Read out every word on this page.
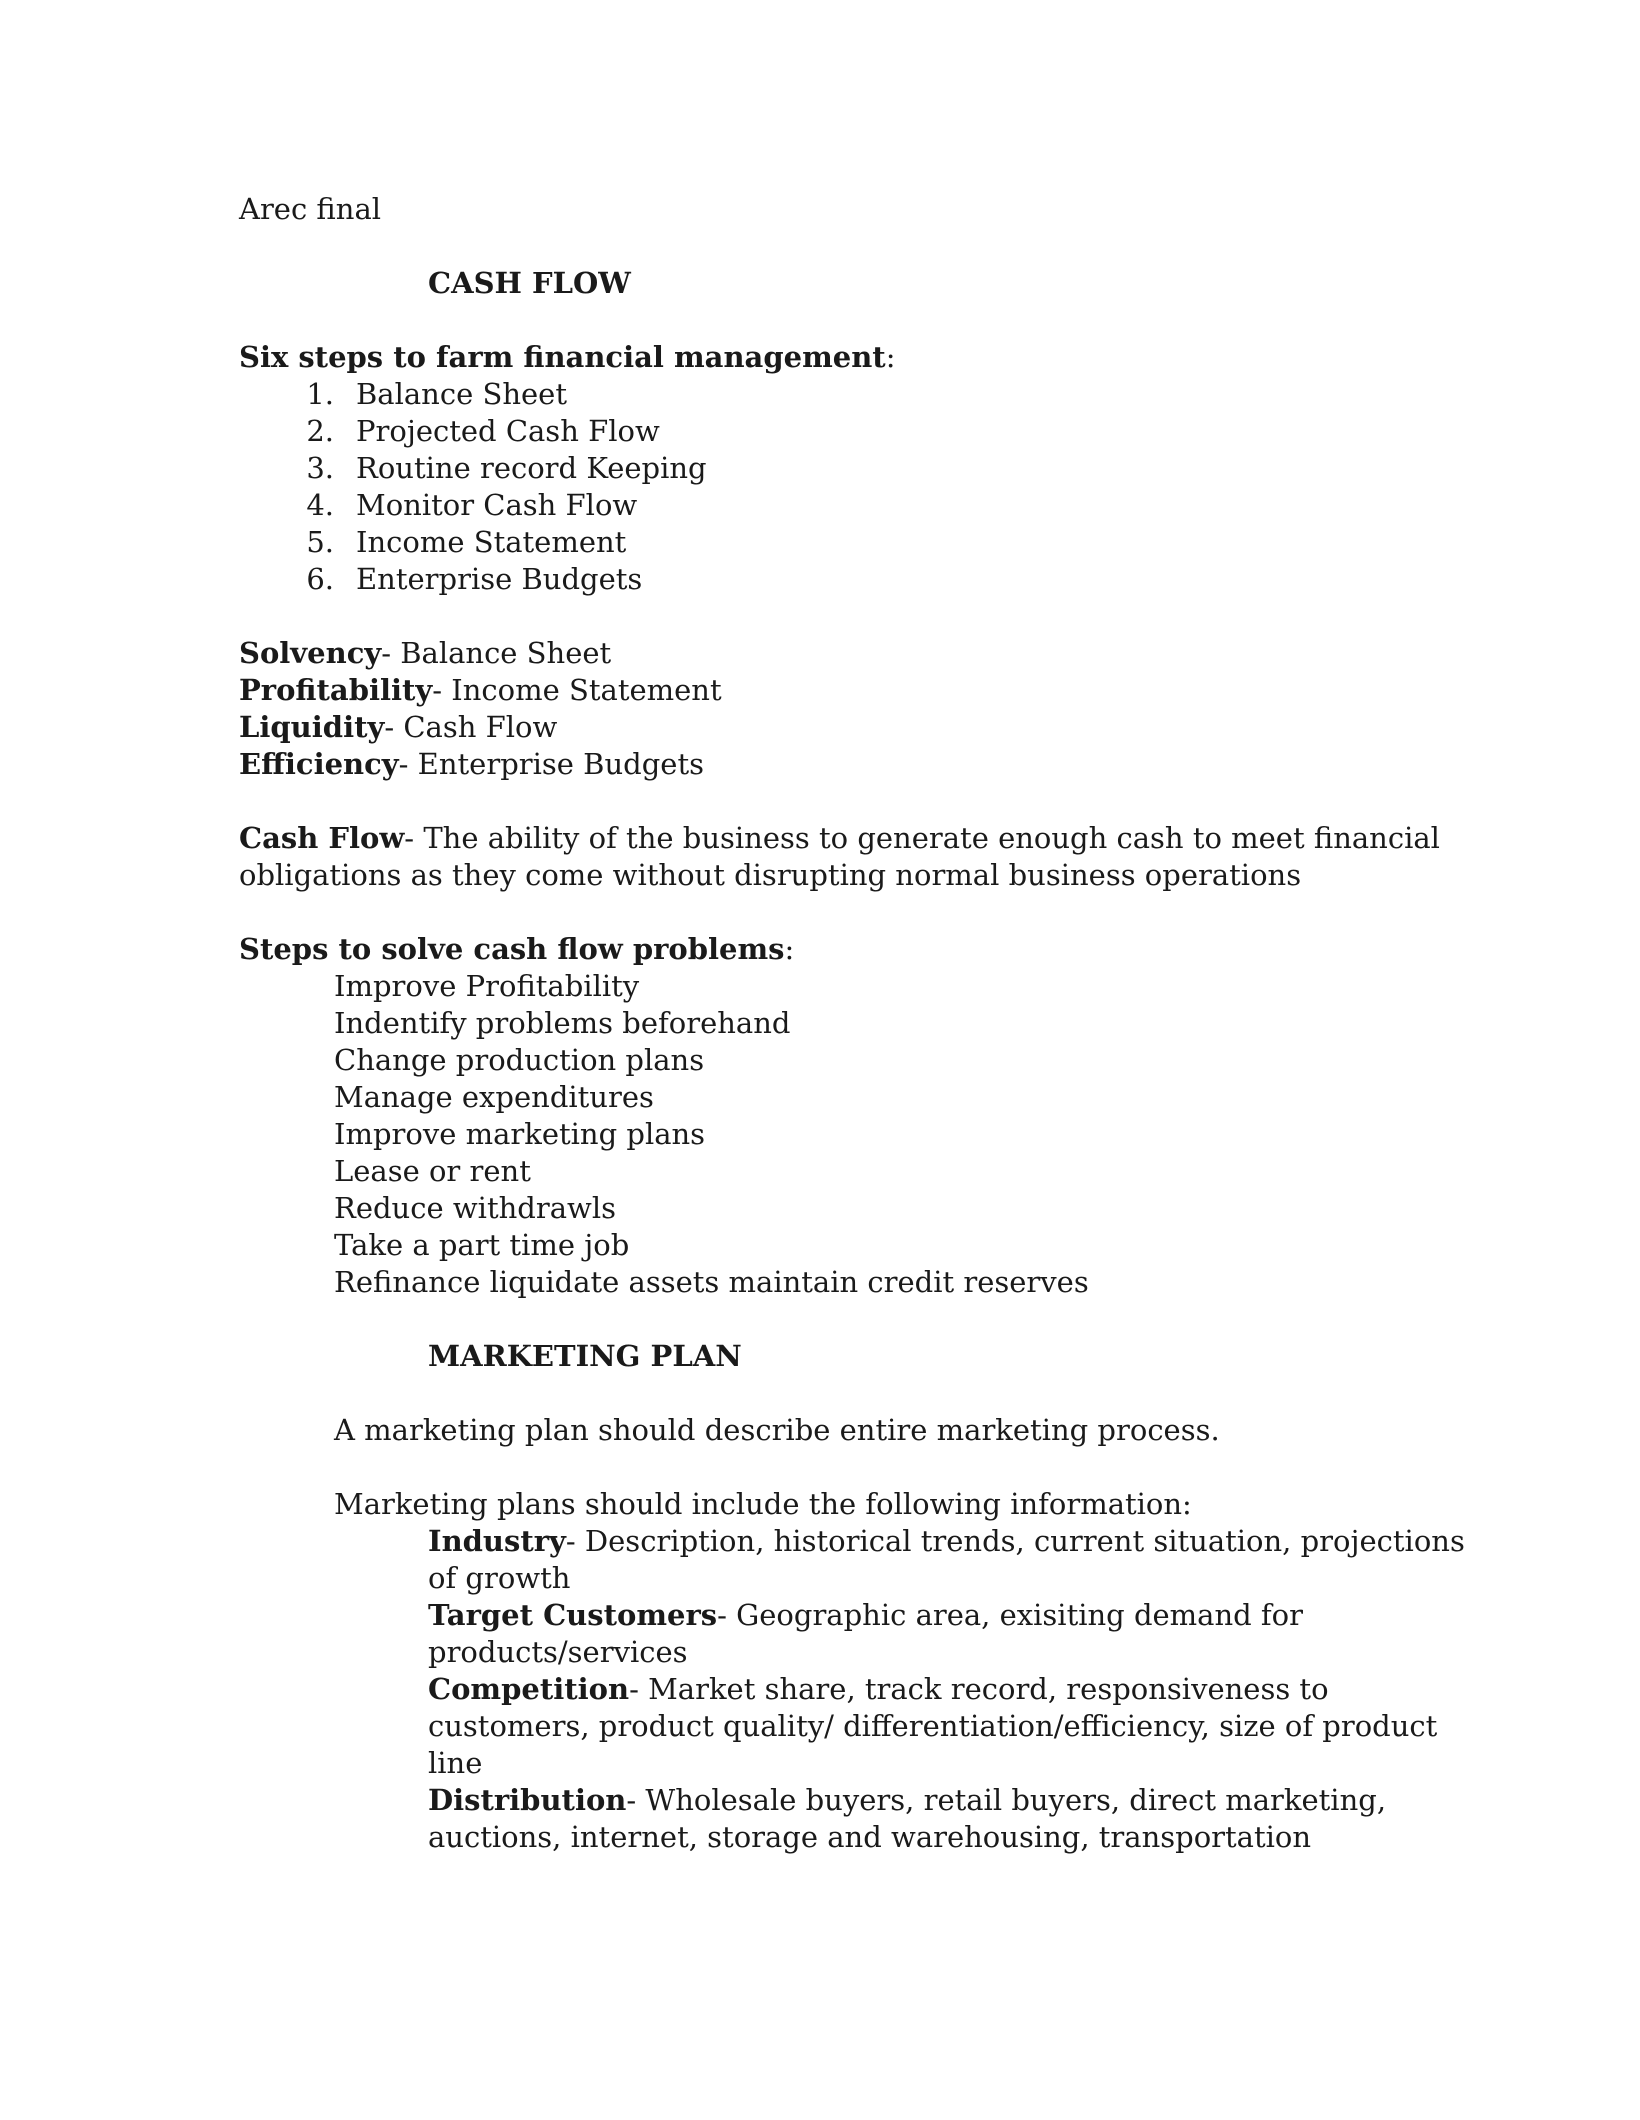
Arec final
CASH FLOW
Six steps to farm financial management:
1. Balance Sheet
2. Projected Cash Flow
3. Routine record Keeping
4. Monitor Cash Flow
5. Income Statement
6. Enterprise Budgets
Solvency- Balance Sheet
Profitability- Income Statement
Liquidity- Cash Flow
Efficiency- Enterprise Budgets
Cash Flow- The ability of the business to generate enough cash to meet financial
obligations as they come without disrupting normal business operations
Steps to solve cash flow problems:
Improve Profitability
Indentify problems beforehand
Change production plans
Manage expenditures
Improve marketing plans
Lease or rent
Reduce withdrawls
Take a part time job
Refinance liquidate assets maintain credit reserves
MARKETING PLAN
A marketing plan should describe entire marketing process.
Marketing plans should include the following information:
Industry- Description, historical trends, current situation, projections
of growth
Target Customers- Geographic area, exisiting demand for
products/services
Competition- Market share, track record, responsiveness to
customers, product quality/ differentiation/efficiency, size of product
line
Distribution- Wholesale buyers, retail buyers, direct marketing,
auctions, internet, storage and warehousing, transportation
